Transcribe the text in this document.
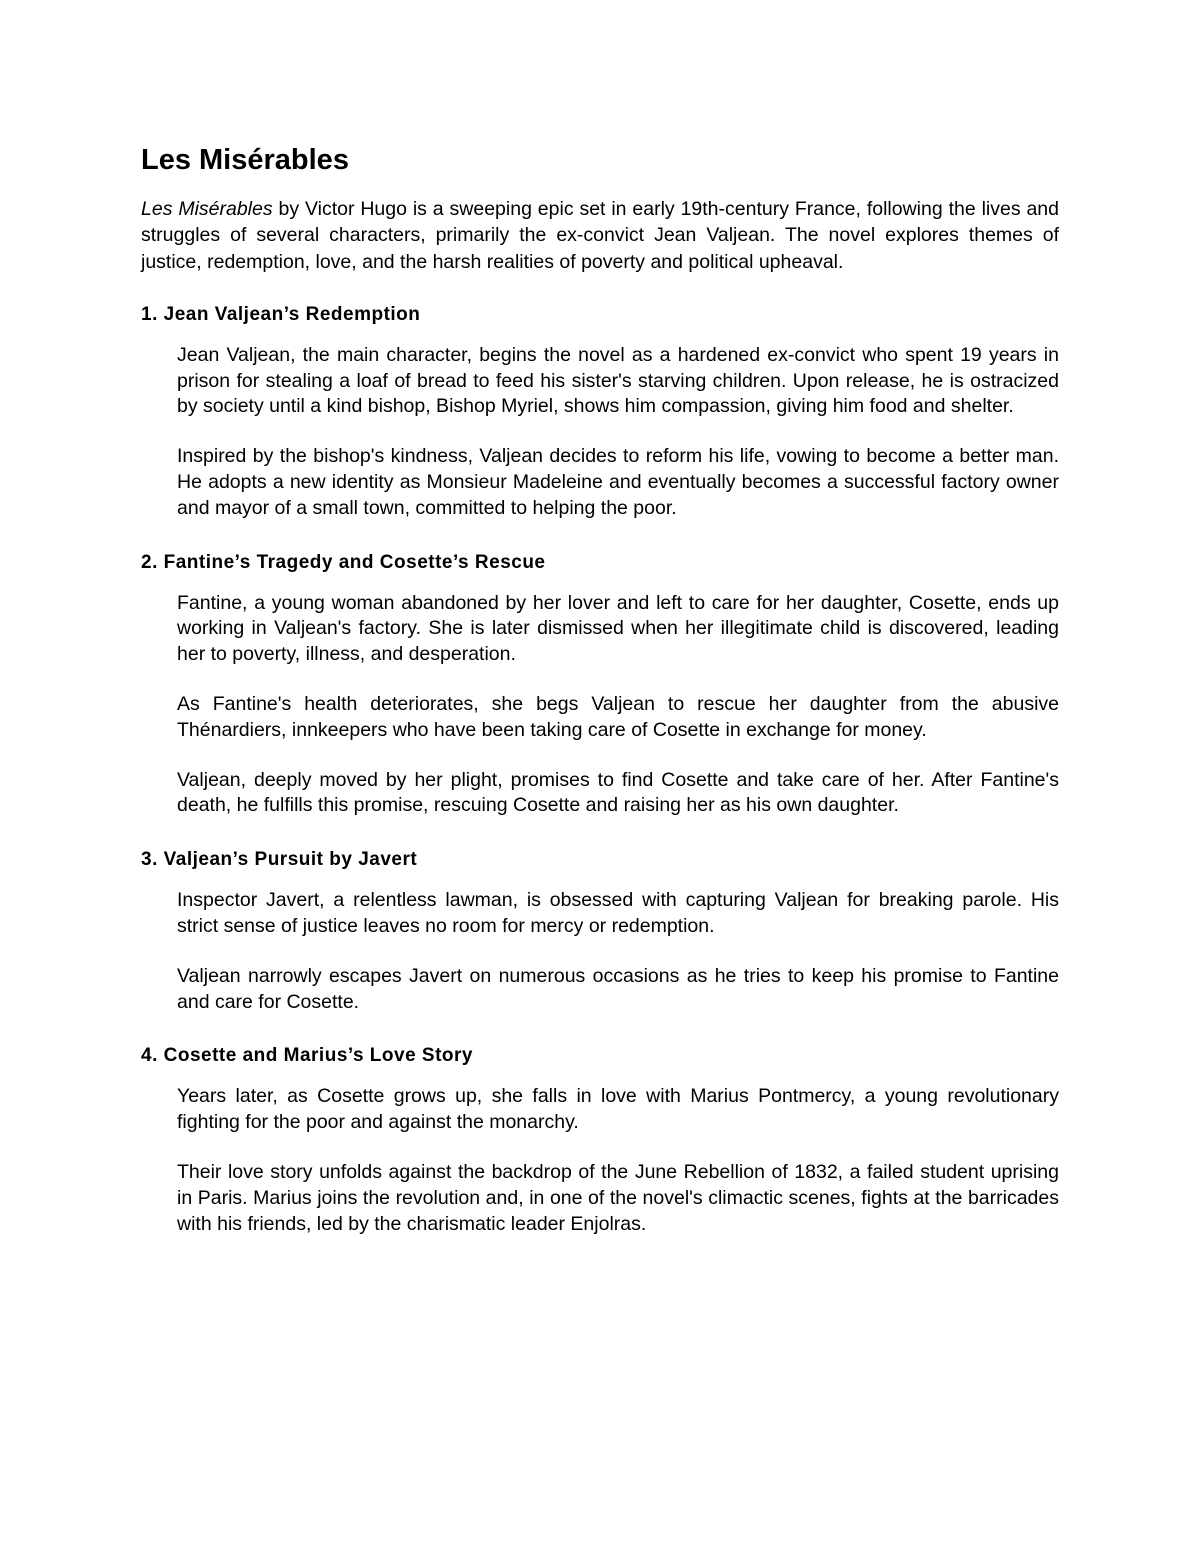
Les Misérables

Les Misérables by Victor Hugo is a sweeping epic set in early 19th-century France, following the lives and struggles of several characters, primarily the ex-convict Jean Valjean. The novel explores themes of justice, redemption, love, and the harsh realities of poverty and political upheaval.

1. Jean Valjean’s Redemption

Jean Valjean, the main character, begins the novel as a hardened ex-convict who spent 19 years in prison for stealing a loaf of bread to feed his sister's starving children. Upon release, he is ostracized by society until a kind bishop, Bishop Myriel, shows him compassion, giving him food and shelter.

Inspired by the bishop's kindness, Valjean decides to reform his life, vowing to become a better man. He adopts a new identity as Monsieur Madeleine and eventually becomes a successful factory owner and mayor of a small town, committed to helping the poor.

2. Fantine’s Tragedy and Cosette’s Rescue

Fantine, a young woman abandoned by her lover and left to care for her daughter, Cosette, ends up working in Valjean's factory. She is later dismissed when her illegitimate child is discovered, leading her to poverty, illness, and desperation.

As Fantine's health deteriorates, she begs Valjean to rescue her daughter from the abusive Thénardiers, innkeepers who have been taking care of Cosette in exchange for money.

Valjean, deeply moved by her plight, promises to find Cosette and take care of her. After Fantine's death, he fulfills this promise, rescuing Cosette and raising her as his own daughter.

3. Valjean’s Pursuit by Javert

Inspector Javert, a relentless lawman, is obsessed with capturing Valjean for breaking parole. His strict sense of justice leaves no room for mercy or redemption.

Valjean narrowly escapes Javert on numerous occasions as he tries to keep his promise to Fantine and care for Cosette.

4. Cosette and Marius’s Love Story

Years later, as Cosette grows up, she falls in love with Marius Pontmercy, a young revolutionary fighting for the poor and against the monarchy.

Their love story unfolds against the backdrop of the June Rebellion of 1832, a failed student uprising in Paris. Marius joins the revolution and, in one of the novel's climactic scenes, fights at the barricades with his friends, led by the charismatic leader Enjolras.
